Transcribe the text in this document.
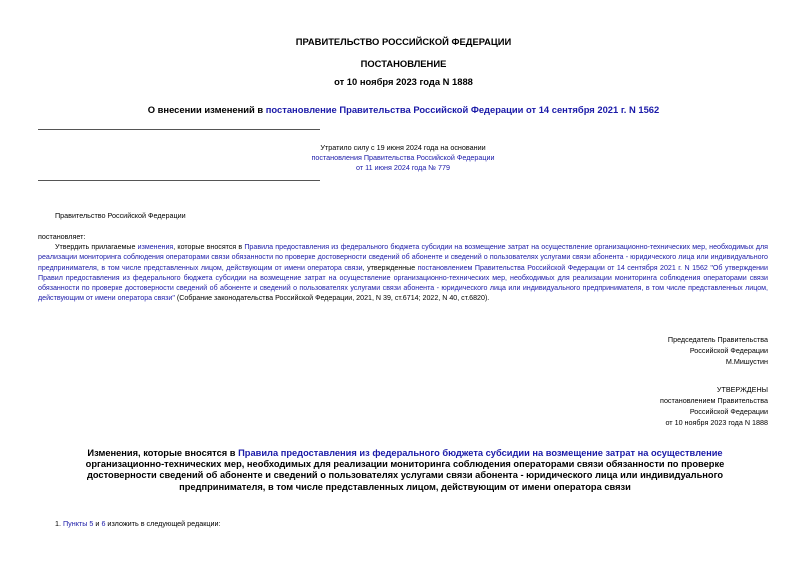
ПРАВИТЕЛЬСТВО РОССИЙСКОЙ ФЕДЕРАЦИИ
ПОСТАНОВЛЕНИЕ
от 10 ноября 2023 года N 1888
О внесении изменений в постановление Правительства Российской Федерации от 14 сентября 2021 г. N 1562
Утратило силу с 19 июня 2024 года на основании
постановления Правительства Российской Федерации
от 11 июня 2024 года № 779
Правительство Российской Федерации
постановляет:
Утвердить прилагаемые изменения, которые вносятся в Правила предоставления из федерального бюджета субсидии на возмещение затрат на осуществление организационно-технических мер, необходимых для реализации мониторинга соблюдения операторами связи обязанности по проверке достоверности сведений об абоненте и сведений о пользователях услугами связи абонента - юридического лица или индивидуального предпринимателя, в том числе представленных лицом, действующим от имени оператора связи, утвержденные постановлением Правительства Российской Федерации от 14 сентября 2021 г. N 1562 "Об утверждении Правил предоставления из федерального бюджета субсидии на возмещение затрат на осуществление организационно-технических мер, необходимых для реализации мониторинга соблюдения операторами связи обязанности по проверке достоверности сведений об абоненте и сведений о пользователях услугами связи абонента - юридического лица или индивидуального предпринимателя, в том числе представленных лицом, действующим от имени оператора связи" (Собрание законодательства Российской Федерации, 2021, N 39, ст.6714; 2022, N 40, ст.6820).
Председатель Правительства
Российской Федерации
М.Мишустин
УТВЕРЖДЕНЫ
постановлением Правительства
Российской Федерации
от 10 ноября 2023 года N 1888
Изменения, которые вносятся в Правила предоставления из федерального бюджета субсидии на возмещение затрат на осуществление организационно-технических мер, необходимых для реализации мониторинга соблюдения операторами связи обязанности по проверке достоверности сведений об абоненте и сведений о пользователях услугами связи абонента - юридического лица или индивидуального предпринимателя, в том числе представленных лицом, действующим от имени оператора связи
1. Пункты 5 и 6 изложить в следующей редакции:
